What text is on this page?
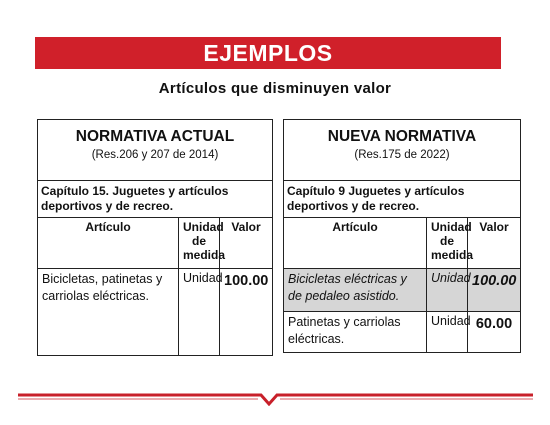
EJEMPLOS
Artículos que disminuyen valor
NORMATIVA ACTUAL
(Res.206 y 207 de 2014)		

Capítulo 15. Juguetes y artículos deportivos y de recreo.		
Artículo	Unidad de medida	Valor
Bicicletas, patinetas y carriolas eléctricas.	Unidad	100.00
NUEVA NORMATIVA
(Res.175 de 2022)		

Capítulo 9 Juguetes y artículos deportivos y de recreo.		
Artículo	Unidad de medida	Valor
Bicicletas eléctricas y de pedaleo asistido.	Unidad	100.00
Patinetas y carriolas eléctricas.	Unidad	60.00
